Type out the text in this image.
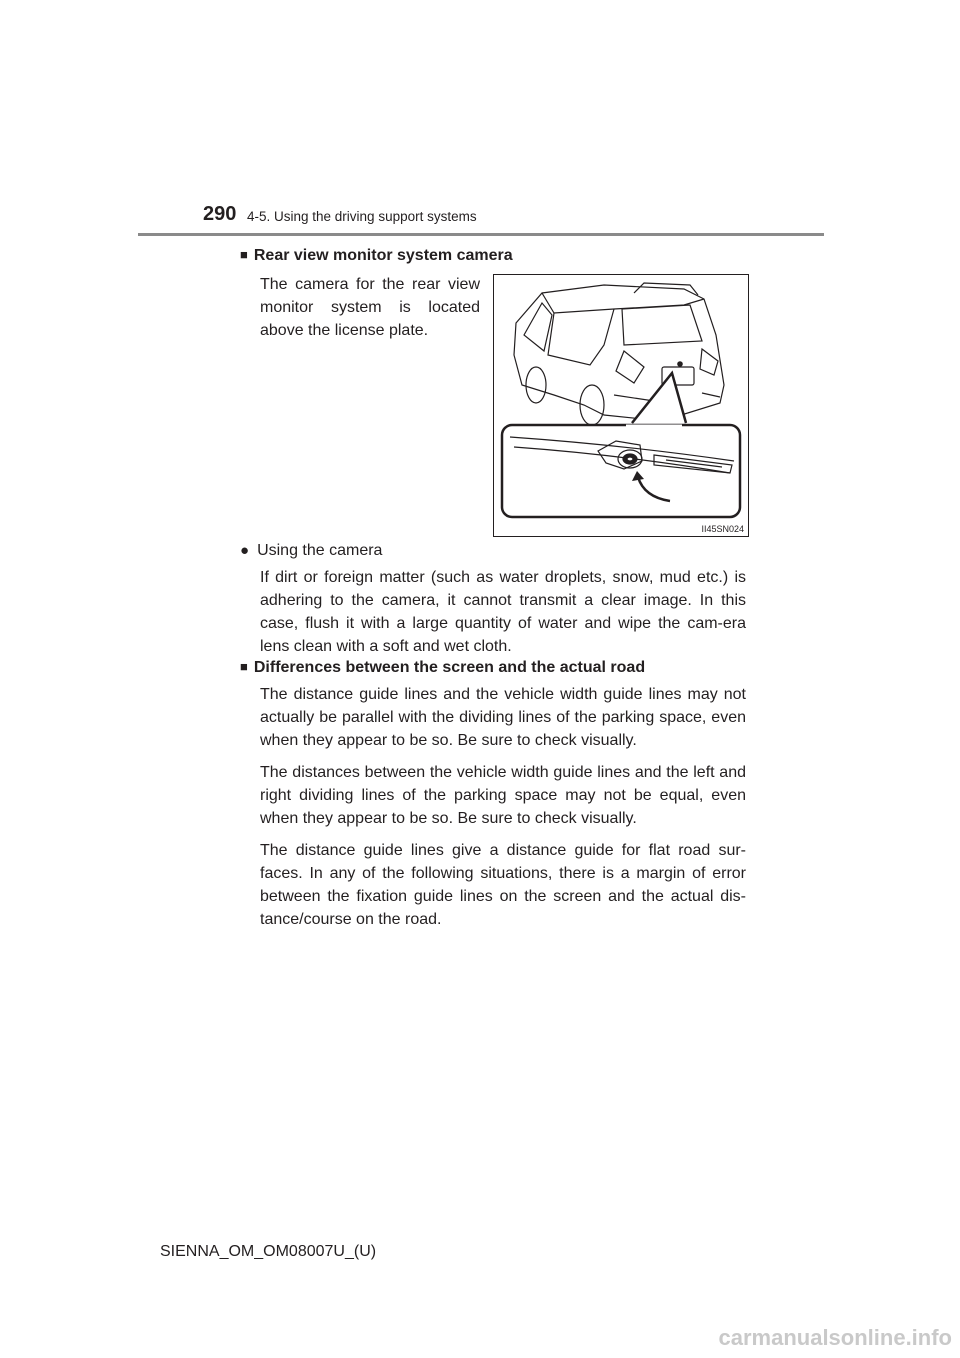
290 4-5. Using the driving support systems
■ Rear view monitor system camera
The camera for the rear view monitor system is located above the license plate.
II45SN024
● Using the camera
If dirt or foreign matter (such as water droplets, snow, mud etc.) is adhering to the camera, it cannot transmit a clear image. In this case, flush it with a large quantity of water and wipe the cam-era lens clean with a soft and wet cloth.
■ Differences between the screen and the actual road
The distance guide lines and the vehicle width guide lines may not actually be parallel with the dividing lines of the parking space, even when they appear to be so. Be sure to check visually.
The distances between the vehicle width guide lines and the left and right dividing lines of the parking space may not be equal, even when they appear to be so. Be sure to check visually.
The distance guide lines give a distance guide for flat road sur-faces. In any of the following situations, there is a margin of error between the fixation guide lines on the screen and the actual dis-tance/course on the road.
SIENNA_OM_OM08007U_(U)
carmanualsonline.info
